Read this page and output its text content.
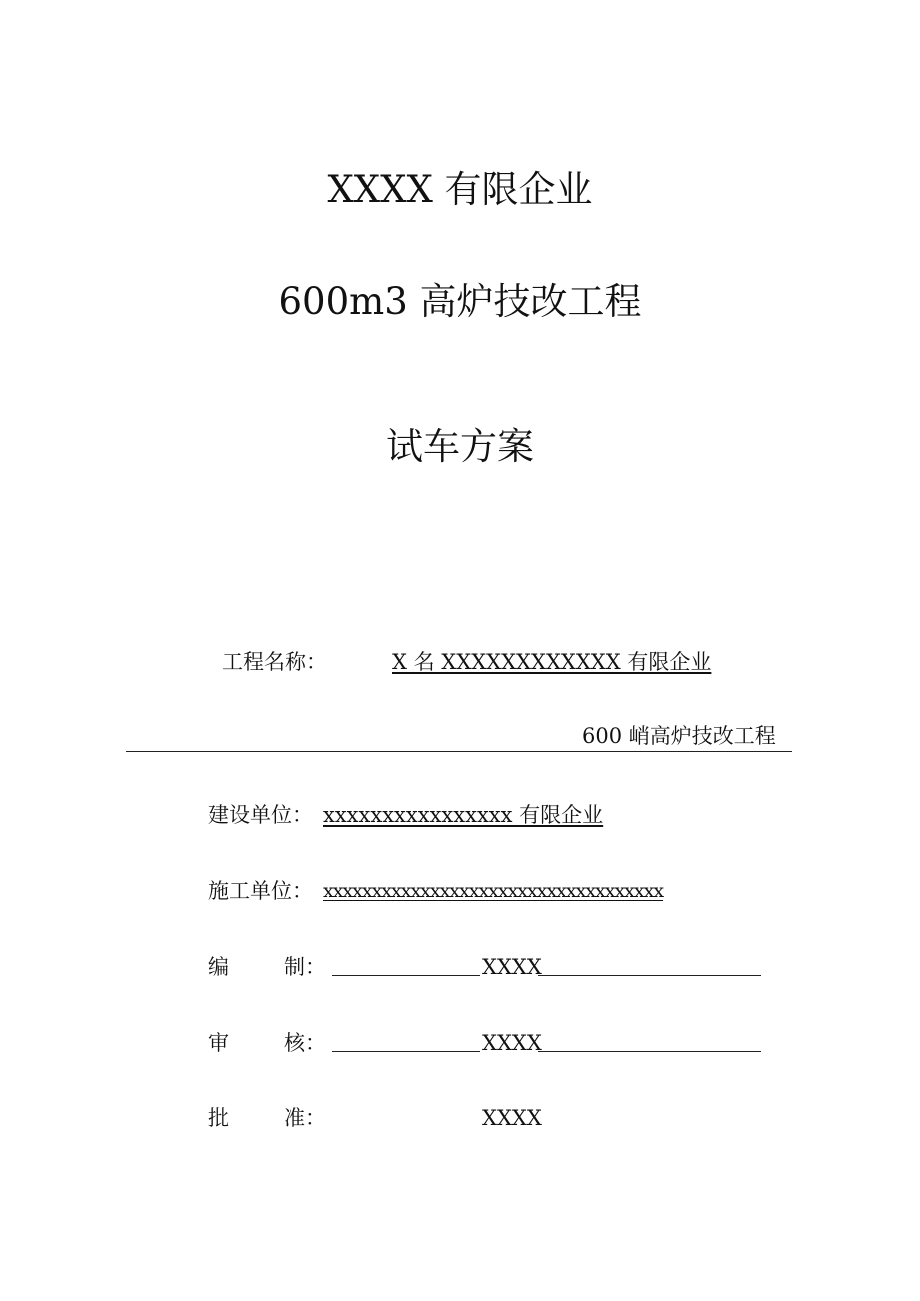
XXXX 有限企业
600m3 高炉技改工程
试车方案
工程名称：	X 名 XXXXXXXXXXXX 有限企业
600 峭高炉技改工程
建设单位： xxxxxxxxxxxxxxxx 有限企业
施工单位： xxxxxxxxxxxxxxxxxxxxxxxxxxxxxxxxxxx
编	制：	XXXX
审	核：	XXXX
批	准：	XXXX
